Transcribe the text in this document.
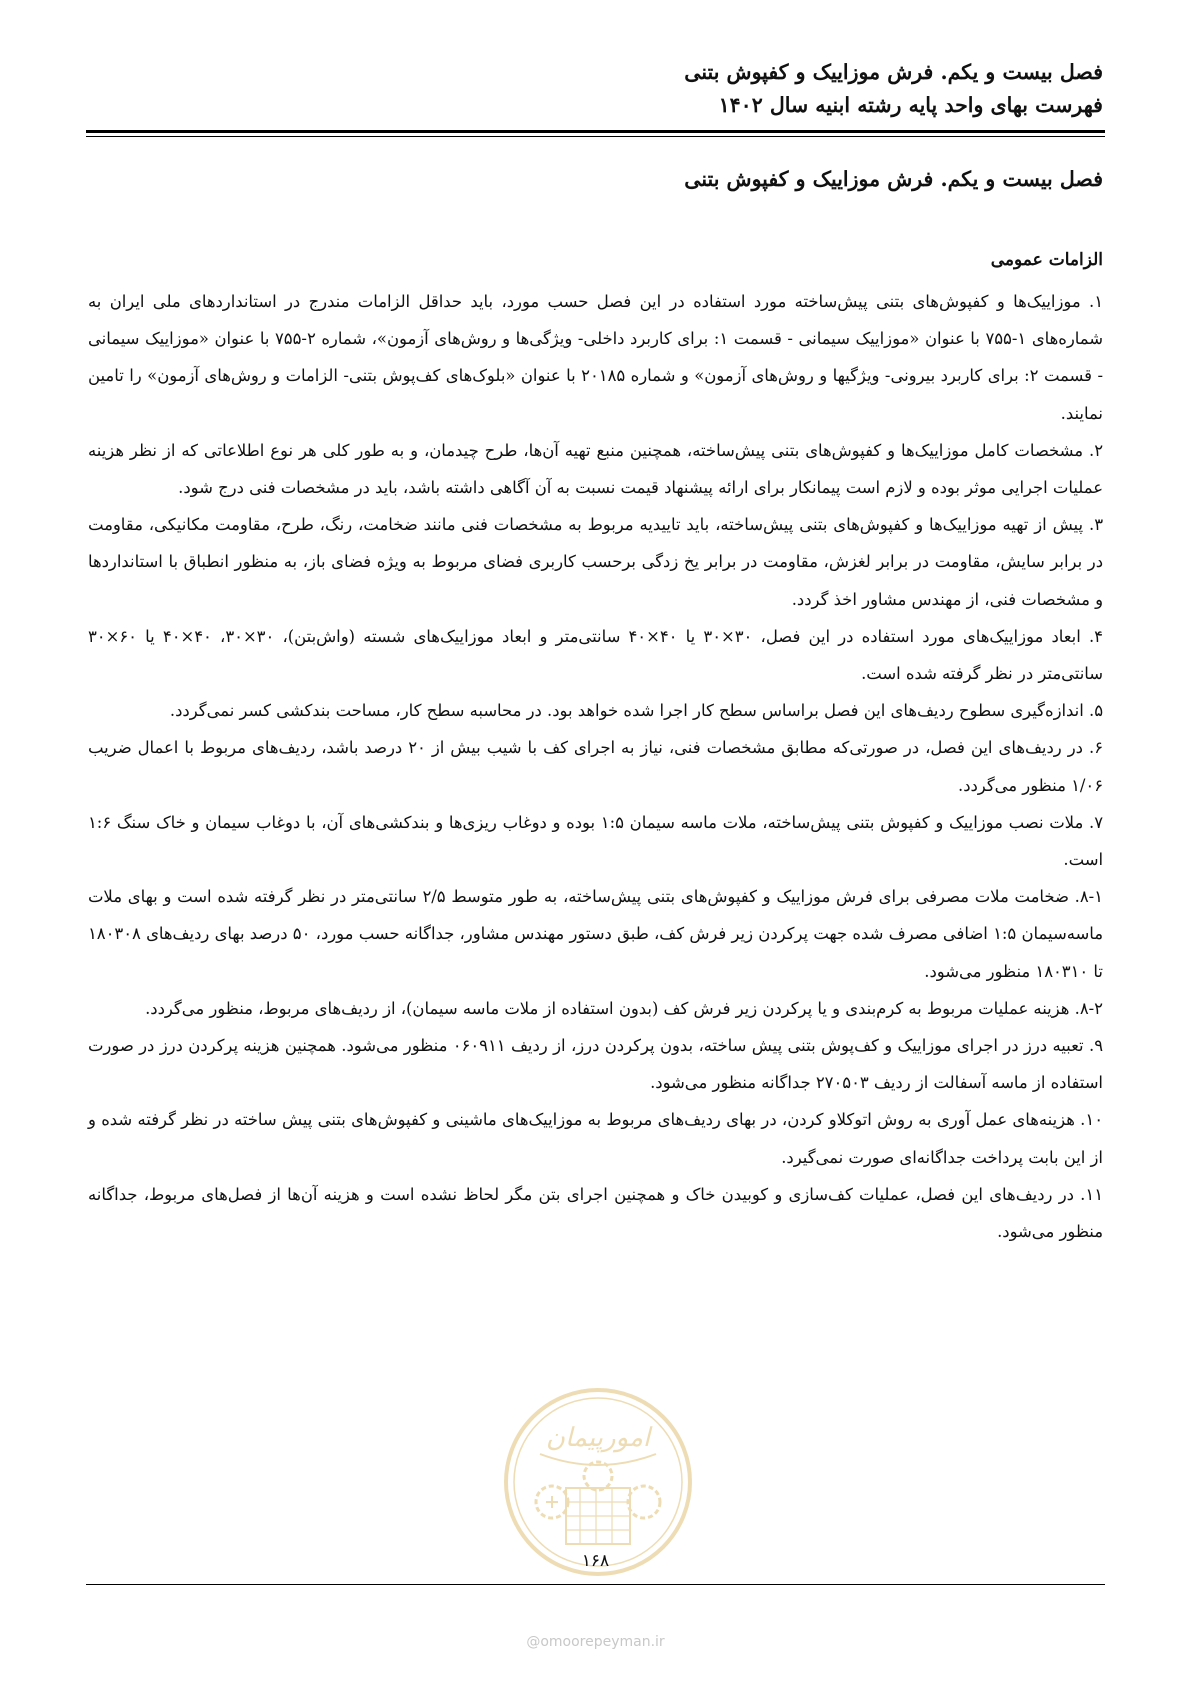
فصل بیست و یکم. فرش موزاییک و کفپوش بتنی
فهرست بهای واحد پایه رشته ابنیه سال ۱۴۰۲
فصل بیست و یکم. فرش موزاییک و کفپوش بتنی
الزامات عمومی

۱. موزاییک‌ها و کفپوش‌های بتنی پیش‌ساخته مورد استفاده در این فصل حسب مورد، باید حداقل الزامات مندرج در استانداردهای ملی ایران به شماره‌های ۱-۷۵۵ با عنوان «موزاییک سیمانی - قسمت ۱: برای کاربرد داخلی- ویژگی‌ها و روش‌های آزمون»، شماره ۲-۷۵۵ با عنوان «موزاییک سیمانی - قسمت ۲: برای کاربرد بیرونی- ویژگیها و روش‌های آزمون» و شماره ۲۰۱۸۵ با عنوان «بلوک‌های کف‌پوش بتنی- الزامات و روش‌های آزمون» را تامین نمایند.

۲. مشخصات کامل موزاییک‌ها و کفپوش‌های بتنی پیش‌ساخته، همچنین منبع تهیه آن‌ها، طرح چیدمان، و به طور کلی هر نوع اطلاعاتی که از نظر هزینه عملیات اجرایی موثر بوده و لازم است پیمانکار برای ارائه پیشنهاد قیمت نسبت به آن آگاهی داشته باشد، باید در مشخصات فنی درج شود.

۳. پیش از تهیه موزاییک‌ها و کفپوش‌های بتنی پیش‌ساخته، باید تاییدیه مربوط به مشخصات فنی مانند ضخامت، رنگ، طرح، مقاومت مکانیکی، مقاومت در برابر سایش، مقاومت در برابر لغزش، مقاومت در برابر یخ زدگی برحسب کاربری فضای مربوط به ویژه فضای باز، به منظور انطباق با استانداردها و مشخصات فنی، از مهندس مشاور اخذ گردد.

۴. ابعاد موزاییک‌های مورد استفاده در این فصل، ۳۰×۳۰ یا ۴۰×۴۰ سانتی‌متر و ابعاد موزاییک‌های شسته (واش‌بتن)، ۳۰×۳۰، ۴۰×۴۰ یا ۶۰×۳۰ سانتی‌متر در نظر گرفته شده است.

۵. اندازه‌گیری سطوح ردیف‌های این فصل براساس سطح کار اجرا شده خواهد بود. در محاسبه سطح کار، مساحت بندکشی کسر نمی‌گردد.

۶. در ردیف‌های این فصل، در صورتی‌که مطابق مشخصات فنی، نیاز به اجرای کف با شیب بیش از ۲۰ درصد باشد، ردیف‌های مربوط با اعمال ضریب ۱/۰۶ منظور می‌گردد.

۷. ملات نصب موزاییک و کفپوش بتنی پیش‌ساخته، ملات ماسه سیمان ۱:۵ بوده و دوغاب ریزی‌ها و بندکشی‌های آن، با دوغاب سیمان و خاک سنگ ۱:۶ است.

۸-۱. ضخامت ملات مصرفی برای فرش موزاییک و کفپوش‌های بتنی پیش‌ساخته، به طور متوسط ۲/۵ سانتی‌متر در نظر گرفته شده است و بهای ملات ماسه‌سیمان ۱:۵ اضافی مصرف شده جهت پرکردن زیر فرش کف، طبق دستور مهندس مشاور، جداگانه حسب مورد، ۵۰ درصد بهای ردیف‌های ۱۸۰۳۰۸ تا ۱۸۰۳۱۰ منظور می‌شود.

۸-۲. هزینه عملیات مربوط به کرم‌بندی و یا پرکردن زیر فرش کف (بدون استفاده از ملات ماسه سیمان)، از ردیف‌های مربوط، منظور می‌گردد.

۹. تعبیه درز در اجرای موزاییک و کف‌پوش بتنی پیش ساخته، بدون پرکردن درز، از ردیف ۰۶۰۹۱۱ منظور می‌شود. همچنین هزینه پرکردن درز در صورت استفاده از ماسه آسفالت از ردیف ۲۷۰۵۰۳ جداگانه منظور می‌شود.

۱۰. هزینه‌های عمل آوری به روش اتوکلاو کردن، در بهای ردیف‌های مربوط به موزاییک‌های ماشینی و کفپوش‌های بتنی پیش ساخته در نظر گرفته شده و از این بابت پرداخت جداگانه‌ای صورت نمی‌گیرد.

۱۱. در ردیف‌های این فصل، عملیات کف‌سازی و کوبیدن خاک و همچنین اجرای بتن مگر لحاظ نشده است و هزینه آن‌ها از فصل‌های مربوط، جداگانه منظور می‌شود.

امورپیمان
۱۶۸
@omoorepeyman.ir
